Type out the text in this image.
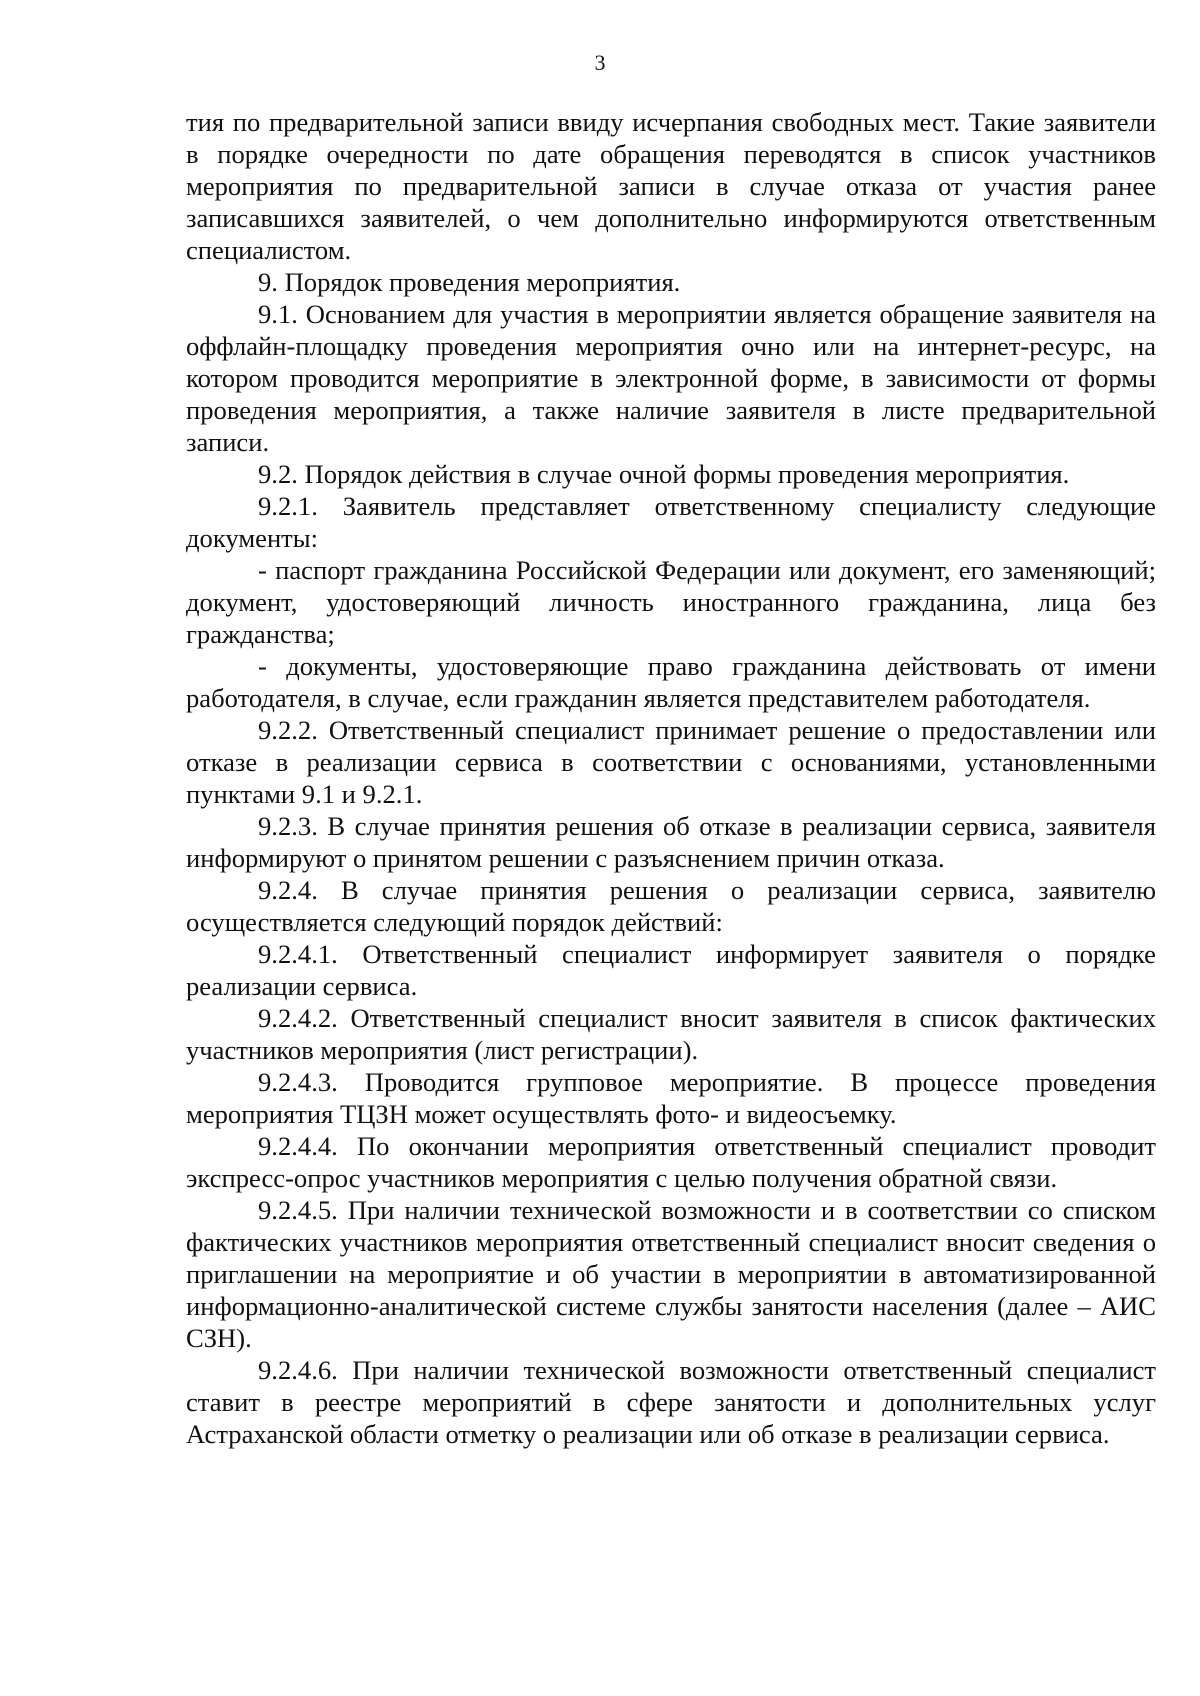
3

тия по предварительной записи ввиду исчерпания свободных мест. Такие заявители в порядке очередности по дате обращения переводятся в список участников мероприятия по предварительной записи в случае отказа от участия ранее записавшихся заявителей, о чем дополнительно информируются ответственным специалистом.

9. Порядок проведения мероприятия.

9.1. Основанием для участия в мероприятии является обращение заявителя на оффлайн-площадку проведения мероприятия очно или на интернет-ресурс, на котором проводится мероприятие в электронной форме, в зависимости от формы проведения мероприятия, а также наличие заявителя в листе предварительной записи.

9.2. Порядок действия в случае очной формы проведения мероприятия.

9.2.1. Заявитель представляет ответственному специалисту следующие документы:

- паспорт гражданина Российской Федерации или документ, его заменяющий; документ, удостоверяющий личность иностранного гражданина, лица без гражданства;

- документы, удостоверяющие право гражданина действовать от имени работодателя, в случае, если гражданин является представителем работодателя.

9.2.2. Ответственный специалист принимает решение о предоставлении или отказе в реализации сервиса в соответствии с основаниями, установленными пунктами 9.1 и 9.2.1.

9.2.3. В случае принятия решения об отказе в реализации сервиса, заявителя информируют о принятом решении с разъяснением причин отказа.

9.2.4. В случае принятия решения о реализации сервиса, заявителю осуществляется следующий порядок действий:

9.2.4.1. Ответственный специалист информирует заявителя о порядке реализации сервиса.

9.2.4.2. Ответственный специалист вносит заявителя в список фактических участников мероприятия (лист регистрации).

9.2.4.3. Проводится групповое мероприятие. В процессе проведения мероприятия ТЦЗН может осуществлять фото- и видеосъемку.

9.2.4.4. По окончании мероприятия ответственный специалист проводит экспресс-опрос участников мероприятия с целью получения обратной связи.

9.2.4.5. При наличии технической возможности и в соответствии со списком фактических участников мероприятия ответственный специалист вносит сведения о приглашении на мероприятие и об участии в мероприятии в автоматизированной информационно-аналитической системе службы занятости населения (далее – АИС СЗН).

9.2.4.6. При наличии технической возможности ответственный специалист ставит в реестре мероприятий в сфере занятости и дополнительных услуг Астраханской области отметку о реализации или об отказе в реализации сервиса.
